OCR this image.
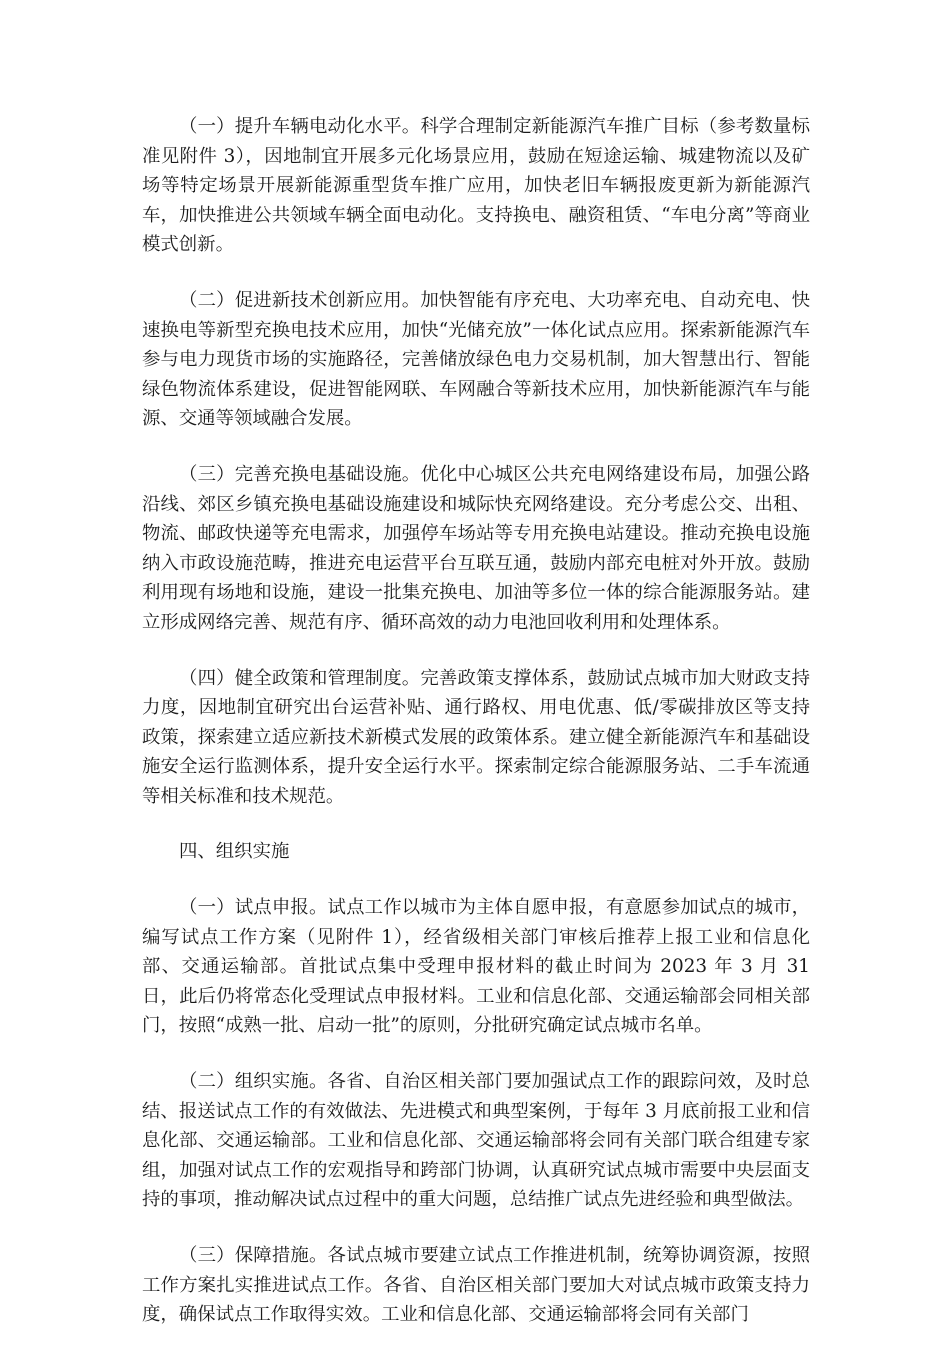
（一）提升车辆电动化水平。科学合理制定新能源汽车推广目标（参考数量标准见附件 3），因地制宜开展多元化场景应用，鼓励在短途运输、城建物流以及矿场等特定场景开展新能源重型货车推广应用，加快老旧车辆报废更新为新能源汽车，加快推进公共领域车辆全面电动化。支持换电、融资租赁、“车电分离”等商业模式创新。

（二）促进新技术创新应用。加快智能有序充电、大功率充电、自动充电、快速换电等新型充换电技术应用，加快“光储充放”一体化试点应用。探索新能源汽车参与电力现货市场的实施路径，完善储放绿色电力交易机制，加大智慧出行、智能绿色物流体系建设，促进智能网联、车网融合等新技术应用，加快新能源汽车与能源、交通等领域融合发展。

（三）完善充换电基础设施。优化中心城区公共充电网络建设布局，加强公路沿线、郊区乡镇充换电基础设施建设和城际快充网络建设。充分考虑公交、出租、物流、邮政快递等充电需求，加强停车场站等专用充换电站建设。推动充换电设施纳入市政设施范畴，推进充电运营平台互联互通，鼓励内部充电桩对外开放。鼓励利用现有场地和设施，建设一批集充换电、加油等多位一体的综合能源服务站。建立形成网络完善、规范有序、循环高效的动力电池回收利用和处理体系。

（四）健全政策和管理制度。完善政策支撑体系，鼓励试点城市加大财政支持力度，因地制宜研究出台运营补贴、通行路权、用电优惠、低/零碳排放区等支持政策，探索建立适应新技术新模式发展的政策体系。建立健全新能源汽车和基础设施安全运行监测体系，提升安全运行水平。探索制定综合能源服务站、二手车流通等相关标准和技术规范。

四、组织实施

（一）试点申报。试点工作以城市为主体自愿申报，有意愿参加试点的城市，编写试点工作方案（见附件 1），经省级相关部门审核后推荐上报工业和信息化部、交通运输部。首批试点集中受理申报材料的截止时间为 2023 年 3 月 31 日，此后仍将常态化受理试点申报材料。工业和信息化部、交通运输部会同相关部门，按照“成熟一批、启动一批”的原则，分批研究确定试点城市名单。

（二）组织实施。各省、自治区相关部门要加强试点工作的跟踪问效，及时总结、报送试点工作的有效做法、先进模式和典型案例，于每年 3 月底前报工业和信息化部、交通运输部。工业和信息化部、交通运输部将会同有关部门联合组建专家组，加强对试点工作的宏观指导和跨部门协调，认真研究试点城市需要中央层面支持的事项，推动解决试点过程中的重大问题，总结推广试点先进经验和典型做法。

（三）保障措施。各试点城市要建立试点工作推进机制，统筹协调资源，按照工作方案扎实推进试点工作。各省、自治区相关部门要加大对试点城市政策支持力度，确保试点工作取得实效。工业和信息化部、交通运输部将会同有关部门
